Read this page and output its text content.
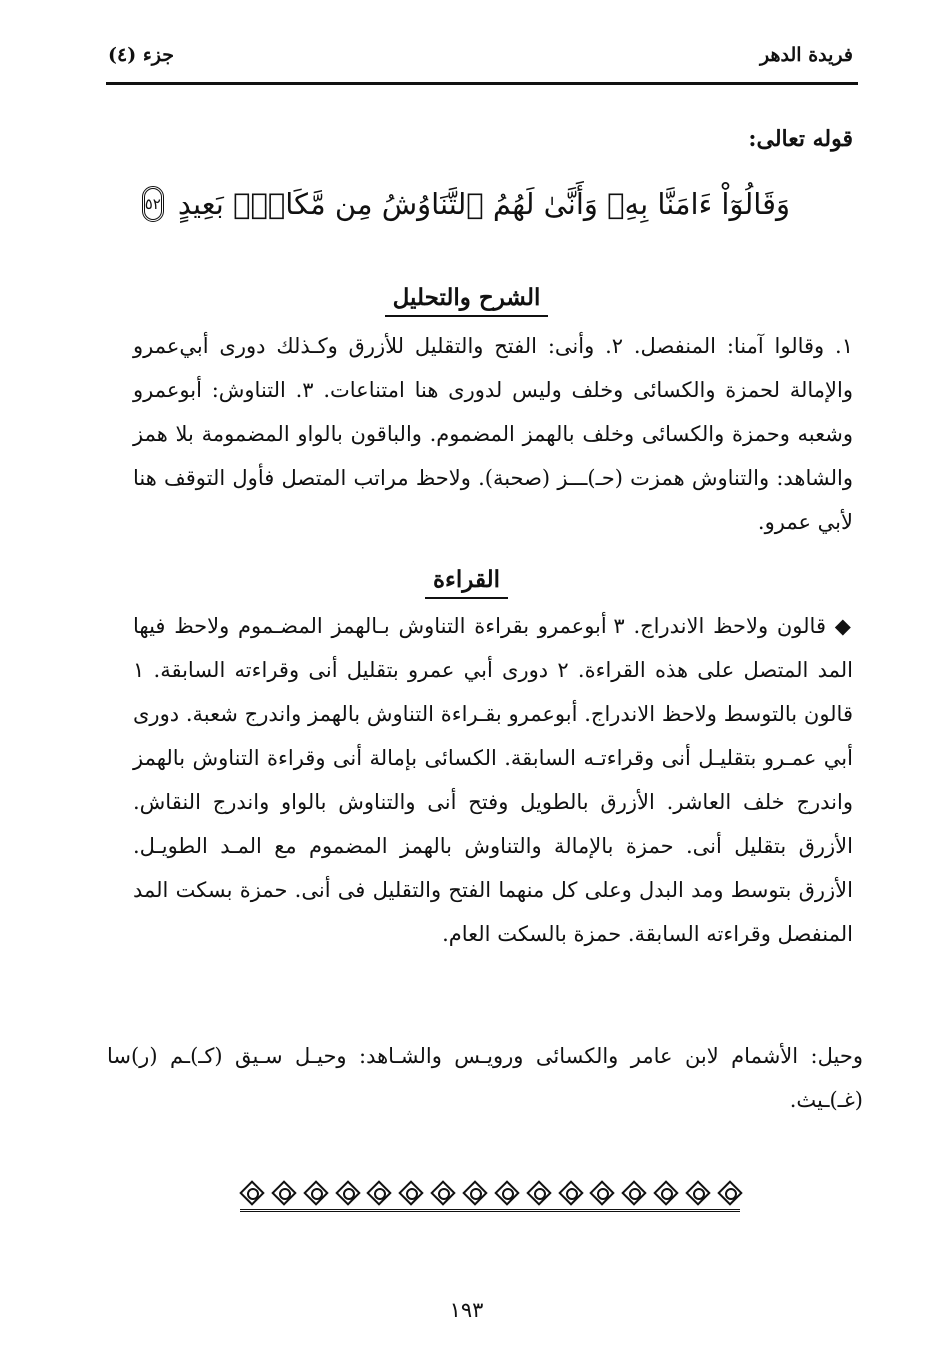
فريدة الدهر
جزء (٤)
قوله تعالى:
وَقَالُوٓاْ ءَامَنَّا بِهِۦ وَأَنَّىٰ لَهُمُ ٱلتَّنَاوُشُ مِن مَّكَانِۭ بَعِيدٍ
٥٢
الشرح والتحليل
١. وقالوا آمنا: المنفصل. ٢. وأنى: الفتح والتقليل للأزرق وكـذلك دورى أبي‌عمرو والإمالة لحمزة والكسائى وخلف وليس لدورى هنا امتناعات. ٣. التناوش: أبوعمرو وشعبه وحمزة والكسائى وخلف بالهمز المضموم. والباقون بالواو المضمومة بلا همز والشاهد: والتناوش همزت (حـ)ـــز (صحبة). ولاحظ مراتب المتصل فأول التوقف هنا لأبي عمرو.
القراءة
◆ قالون ولاحظ الاندراج. ٣ أبوعمرو بقراءة التناوش بـالهمز المضـموم ولاحظ فيها المد المتصل على هذه القراءة. ٢ دورى أبي عمرو بتقليل أنى وقراءته السابقة. ١ قالون بالتوسط ولاحظ الاندراج. أبوعمرو بقـراءة التناوش بالهمز واندرج شعبة. دورى أبي عمـرو بتقليـل أنى وقراءتـه السابقة. الكسائى بإمالة أنى وقراءة التناوش بالهمز واندرج خلف العاشر. الأزرق بالطويل وفتح أنى والتناوش بالواو واندرج النقاش. الأزرق بتقليل أنى. حمزة بالإمالة والتناوش بالهمز المضموم مع المـد الطويـل. الأزرق بتوسط ومد البدل وعلى كل منهما الفتح والتقليل فى أنى. حمزة بسكت المد المنفصل وقراءته السابقة. حمزة بالسكت العام.
وحيل: الأشمام لابن عامر والكسائى ورويـس والشـاهد: وحيـل سـيق (كـ)ـم (ر)سا (غـ)ـيث.
١٩٣
